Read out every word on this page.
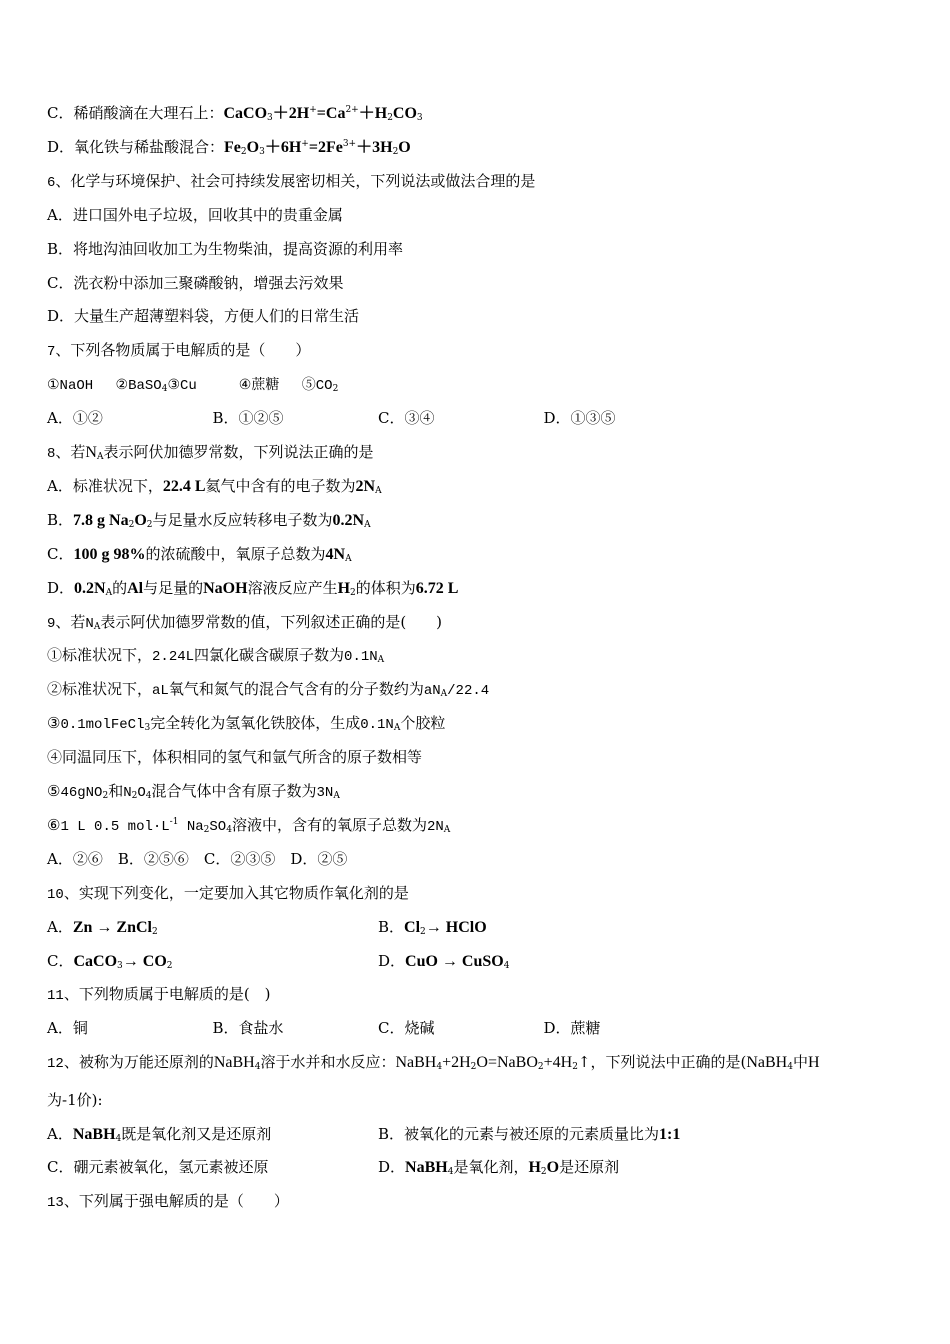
C．稀硝酸滴在大理石上：$CaCO_3+2H^+=Ca^{2+}+H_2CO_3$
D．氧化铁与稀盐酸混合：$Fe_2O_3+6H^+=2Fe^{3+}+3H_2O$
6、化学与环境保护、社会可持续发展密切相关，下列说法或做法合理的是
A．进口国外电子垃圾，回收其中的贵重金属
B．将地沟油回收加工为生物柴油，提高资源的利用率
C．洗衣粉中添加三聚磷酸钠，增强去污效果
D．大量生产超薄塑料袋，方便人们的日常生活
7、下列各物质属于电解质的是（　　）
①NaOH　 ②BaSO$_4$③Cu　　　④蔗糖　 $⑤CO_2$
A．①②	B．①②⑤	C．③④	D．①③⑤
8、若$N_A$表示阿伏加德罗常数，下列说法正确的是
A．标准状况下，22.4 L氦气中含有的电子数为$2N_A$
B．7.8 g $Na_2O_2$与足量水反应转移电子数为$0.2N_A$
C．100 g 98%的浓硫酸中，氧原子总数为$4N_A$
D．$0.2N_A$的Al与足量的NaOH溶液反应产生$H_2$的体积为6.72 L
9、若$N_A$表示阿伏加德罗常数的值，下列叙述正确的是(　　)
①标准状况下，2.24L四氯化碳含碳原子数为$0.1N_A$
②标准状况下，aL氧气和氮气的混合气含有的分子数约为$aN_A/22.4$
③0.1molFeCl$_3$完全转化为氢氧化铁胶体，生成$0.1N_A$个胶粒
④同温同压下，体积相同的氢气和氩气所含的原子数相等
⑤46gNO$_2$和$N_2O_4$混合气体中含有原子数为$3N_A$
⑥1 L 0.5 $mol\cdot L^{-1}$ $Na_2SO_4$溶液中，含有的氧原子总数为$2N_A$
A．②⑥　B．②⑤⑥　C．②③⑤　D．②⑤
10、实现下列变化，一定要加入其它物质作氧化剂的是
A．Zn → ZnCl$_2$	B．$Cl_2\to$ HClO
C．CaCO$_3$→ $CO_2$	D．CuO → CuSO$_4$
11、下列物质属于电解质的是(　)
A．铜	B．食盐水	C．烧碱	D．蔗糖
12、被称为万能还原剂的NaBH$_4$溶于水并和水反应：$NaBH_4+2H_2O=NaBO_2+4H_2↑$，下列说法中正确的是(NaBH$_4$中H
为-1价):
A．NaBH$_4$既是氧化剂又是还原剂	B．被氧化的元素与被还原的元素质量比为1:1
C．硼元素被氧化，氢元素被还原	D．NaBH$_4$是氧化剂，$H_2O$是还原剂
13、下列属于强电解质的是（　　）
